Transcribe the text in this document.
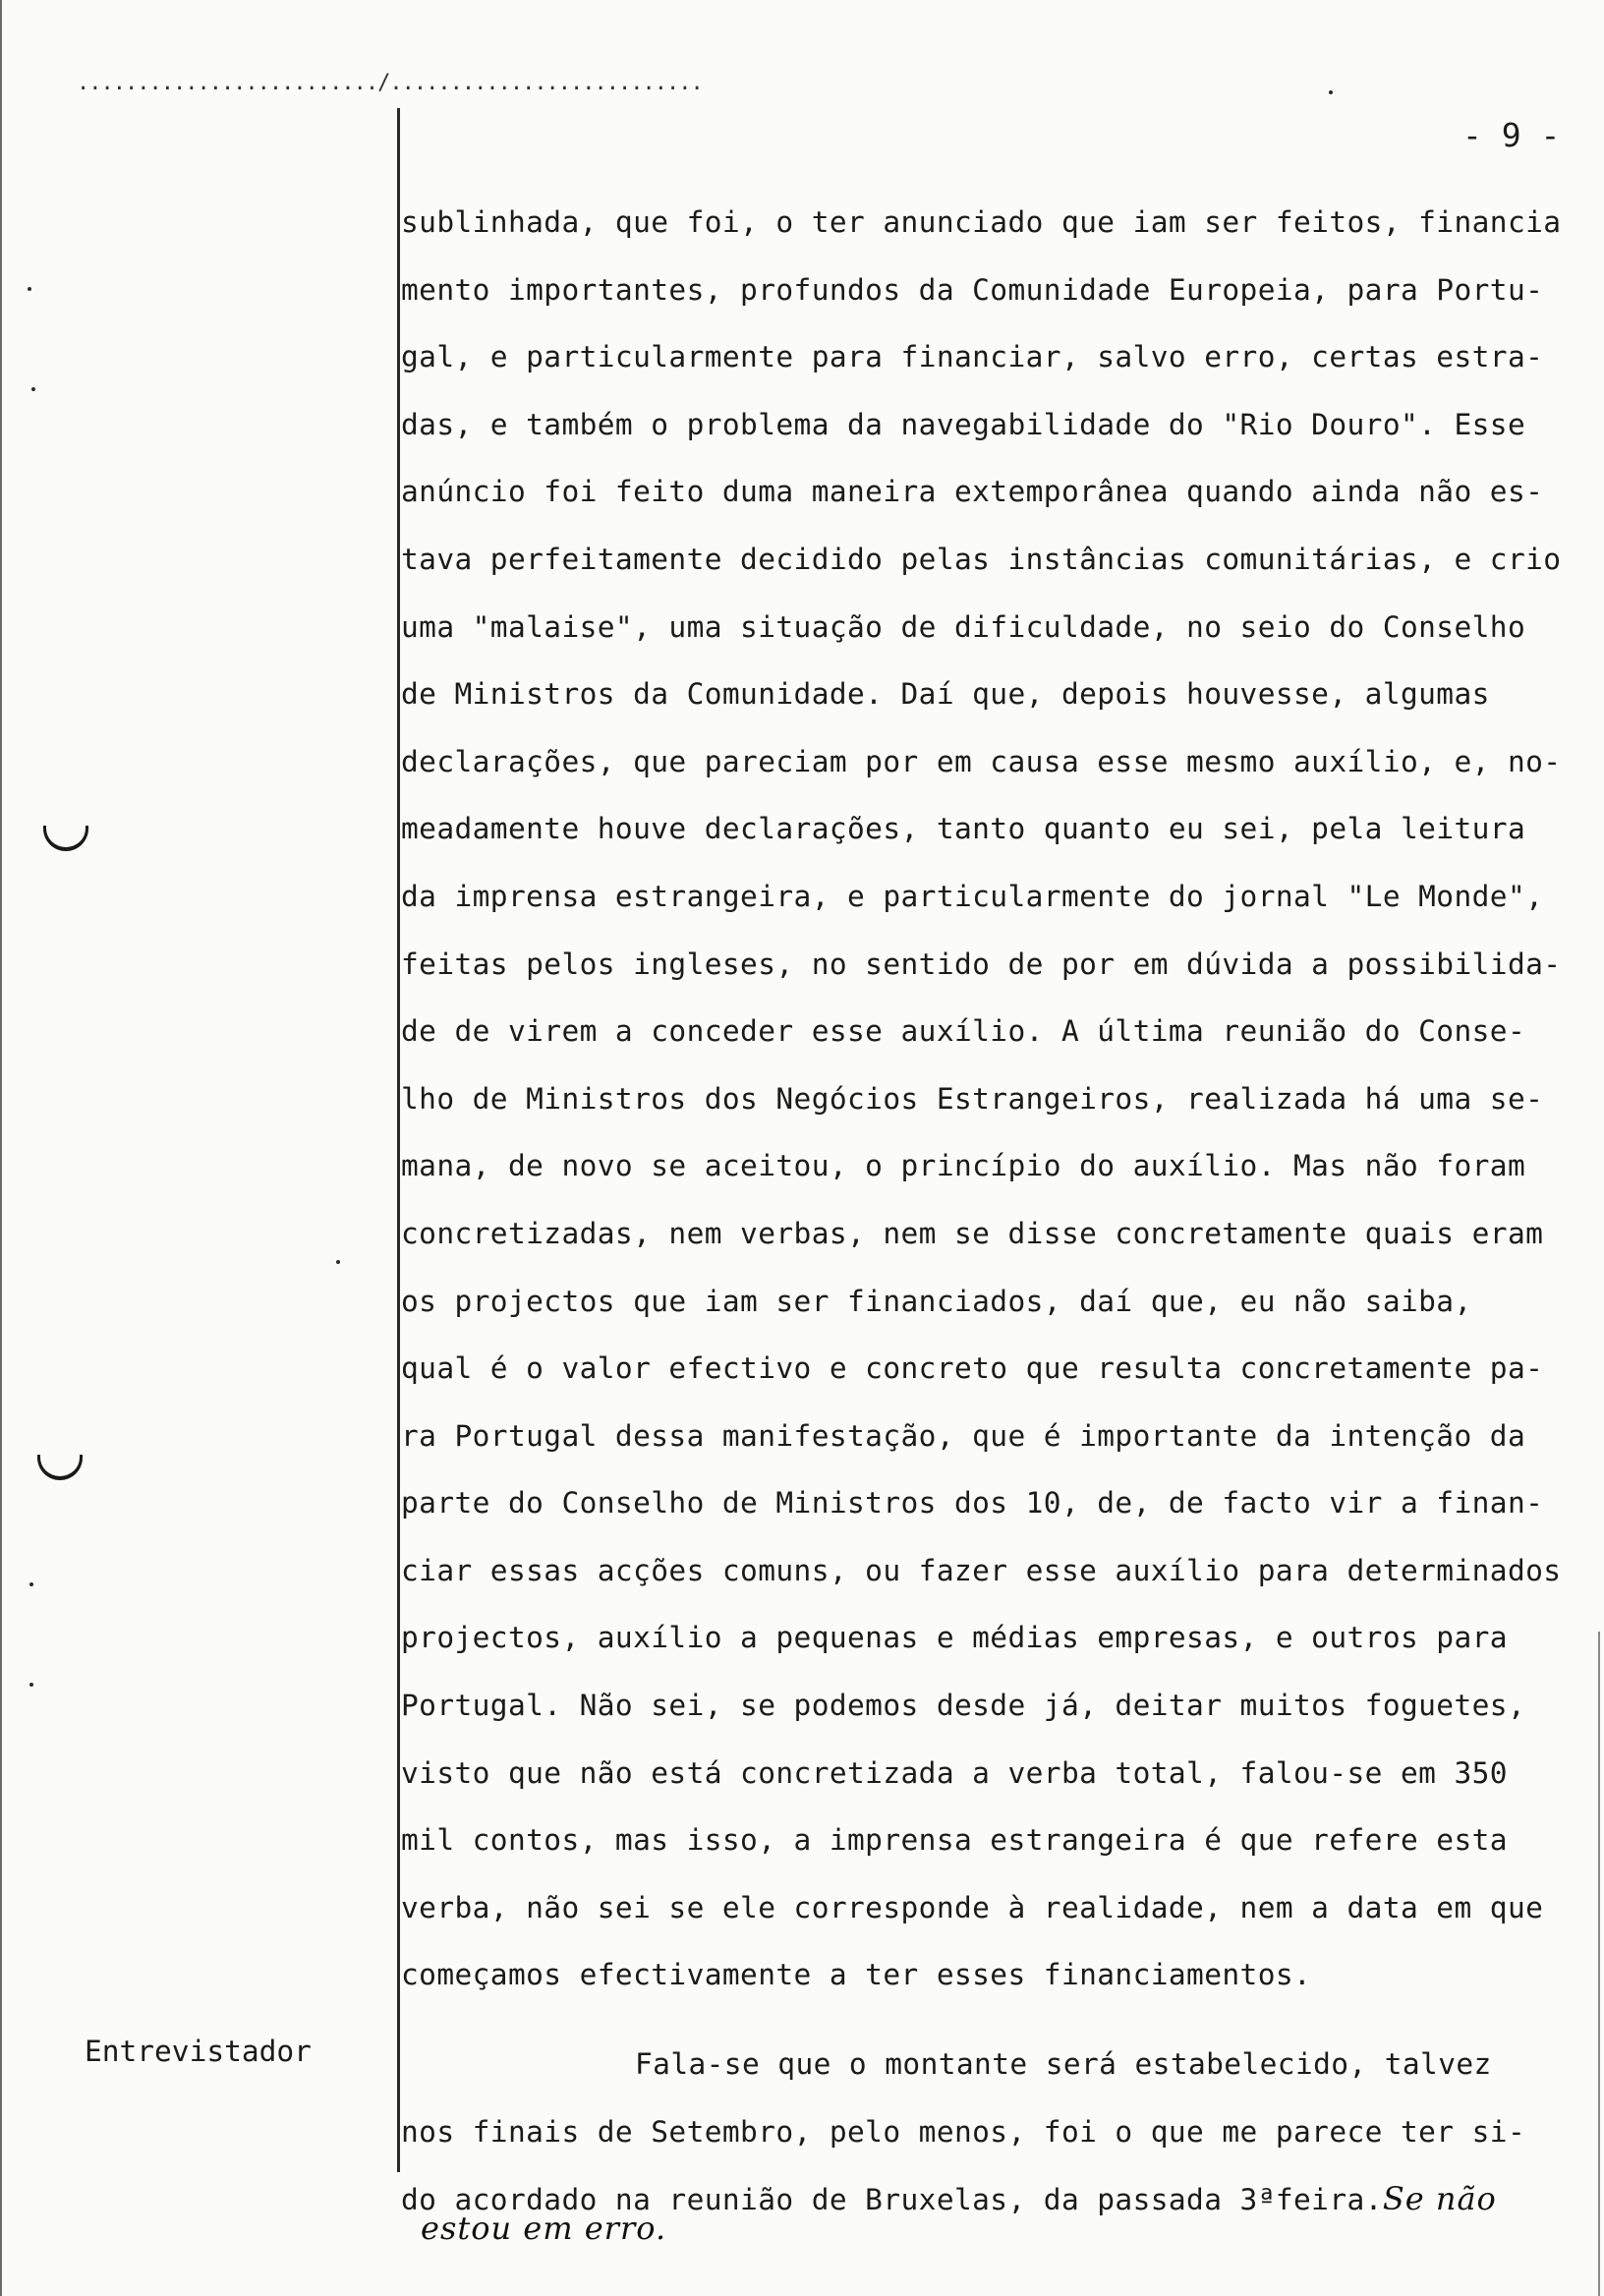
........................./..........................
- 9 -
sublinhada, que foi, o ter anunciado que iam ser feitos, financia
mento importantes, profundos da Comunidade Europeia, para Portu-
gal, e particularmente para financiar, salvo erro, certas estra-
das, e também o problema da navegabilidade do "Rio Douro". Esse
anúncio foi feito duma maneira extemporânea quando ainda não es-
tava perfeitamente decidido pelas instâncias comunitárias, e crio
uma "malaise", uma situação de dificuldade, no seio do Conselho
de Ministros da Comunidade. Daí que, depois houvesse, algumas
declarações, que pareciam por em causa esse mesmo auxílio, e, no-
meadamente houve declarações, tanto quanto eu sei, pela leitura
da imprensa estrangeira, e particularmente do jornal "Le Monde",
feitas pelos ingleses, no sentido de por em dúvida a possibilida-
de de virem a conceder esse auxílio. A última reunião do Conse-
lho de Ministros dos Negócios Estrangeiros, realizada há uma se-
mana, de novo se aceitou, o princípio do auxílio. Mas não foram
concretizadas, nem verbas, nem se disse concretamente quais eram
os projectos que iam ser financiados, daí que, eu não saiba,
qual é o valor efectivo e concreto que resulta concretamente pa-
ra Portugal dessa manifestação, que é importante da intenção da
parte do Conselho de Ministros dos 10, de, de facto vir a finan-
ciar essas acções comuns, ou fazer esse auxílio para determinados
projectos, auxílio a pequenas e médias empresas, e outros para
Portugal. Não sei, se podemos desde já, deitar muitos foguetes,
visto que não está concretizada a verba total, falou-se em 350
mil contos, mas isso, a imprensa estrangeira é que refere esta
verba, não sei se ele corresponde à realidade, nem a data em que
começamos efectivamente a ter esses financiamentos.
Entrevistador	Fala-se que o montante será estabelecido, talvez
nos finais de Setembro, pelo menos, foi o que me parece ter si-
do acordado na reunião de Bruxelas, da passada 3ªfeira.Se não
estou em erro.
